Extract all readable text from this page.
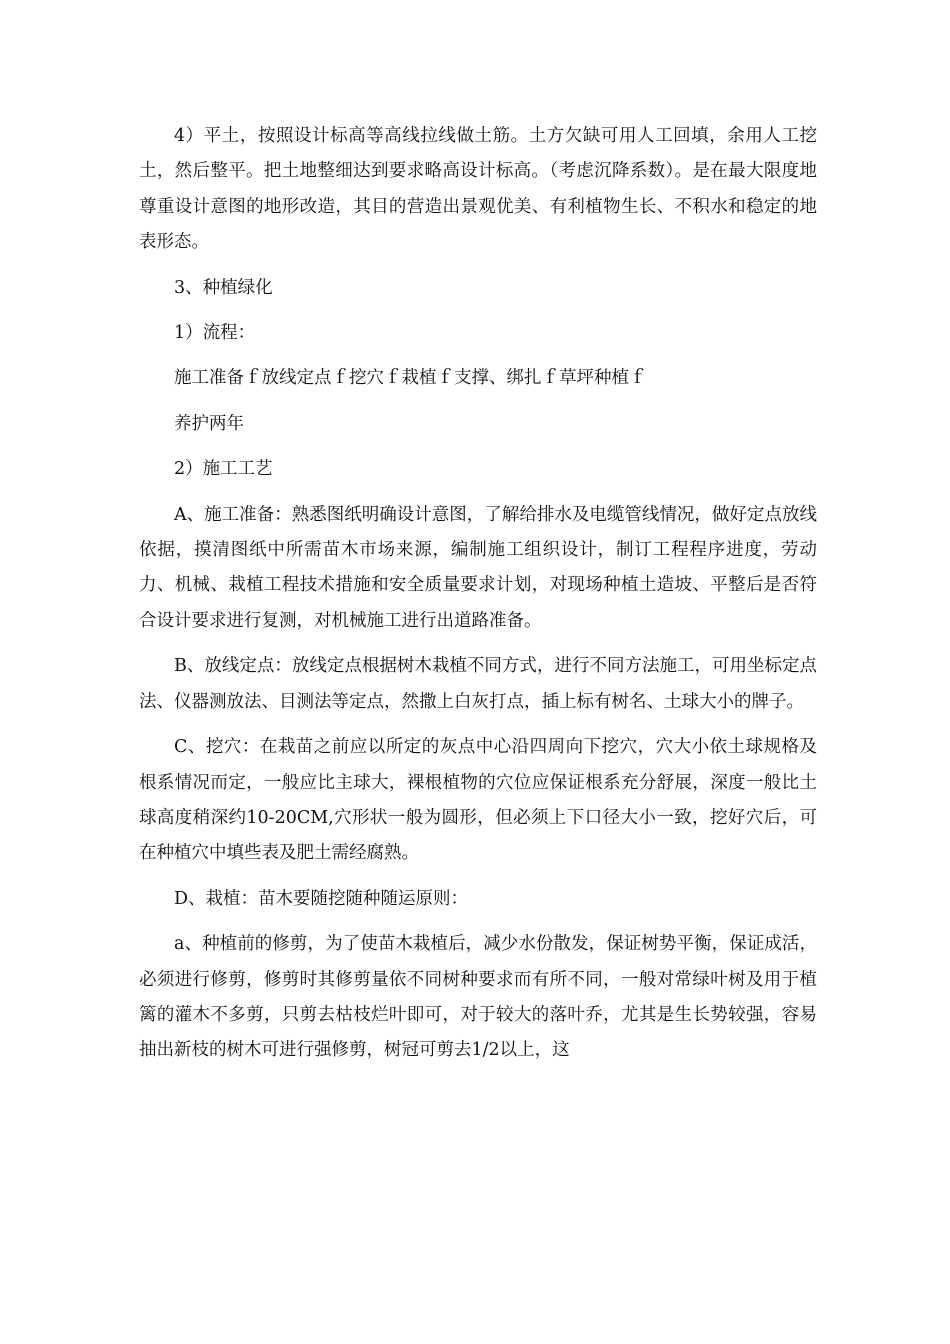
4）平土，按照设计标高等高线拉线做土筋。土方欠缺可用人工回填，余用人工挖土，然后整平。把土地整细达到要求略高设计标高。（考虑沉降系数）。是在最大限度地尊重设计意图的地形改造，其目的营造出景观优美、有利植物生长、不积水和稳定的地表形态。

3、种植绿化

1）流程：

施工准备ｆ放线定点ｆ挖穴ｆ栽植ｆ支撑、绑扎ｆ草坪种植ｆ

养护两年

2）施工工艺

A、施工准备：熟悉图纸明确设计意图，了解给排水及电缆管线情况，做好定点放线依据，摸清图纸中所需苗木市场来源，编制施工组织设计，制订工程程序进度，劳动力、机械、栽植工程技术措施和安全质量要求计划，对现场种植土造坡、平整后是否符合设计要求进行复测，对机械施工进行出道路准备。

B、放线定点：放线定点根据树木栽植不同方式，进行不同方法施工，可用坐标定点法、仪器测放法、目测法等定点，然撒上白灰打点，插上标有树名、土球大小的牌子。

C、挖穴：在栽苗之前应以所定的灰点中心沿四周向下挖穴，穴大小依土球规格及根系情况而定，一般应比主球大，裸根植物的穴位应保证根系充分舒展，深度一般比土球高度稍深约10-20CM,穴形状一般为圆形，但必须上下口径大小一致，挖好穴后，可在种植穴中填些表及肥土需经腐熟。

D、栽植：苗木要随挖随种随运原则：

a、种植前的修剪，为了使苗木栽植后，减少水份散发，保证树势平衡，保证成活，必须进行修剪，修剪时其修剪量依不同树种要求而有所不同，一般对常绿叶树及用于植篱的灌木不多剪，只剪去枯枝烂叶即可，对于较大的落叶乔，尤其是生长势较强，容易抽出新枝的树木可进行强修剪，树冠可剪去1/2以上，这
